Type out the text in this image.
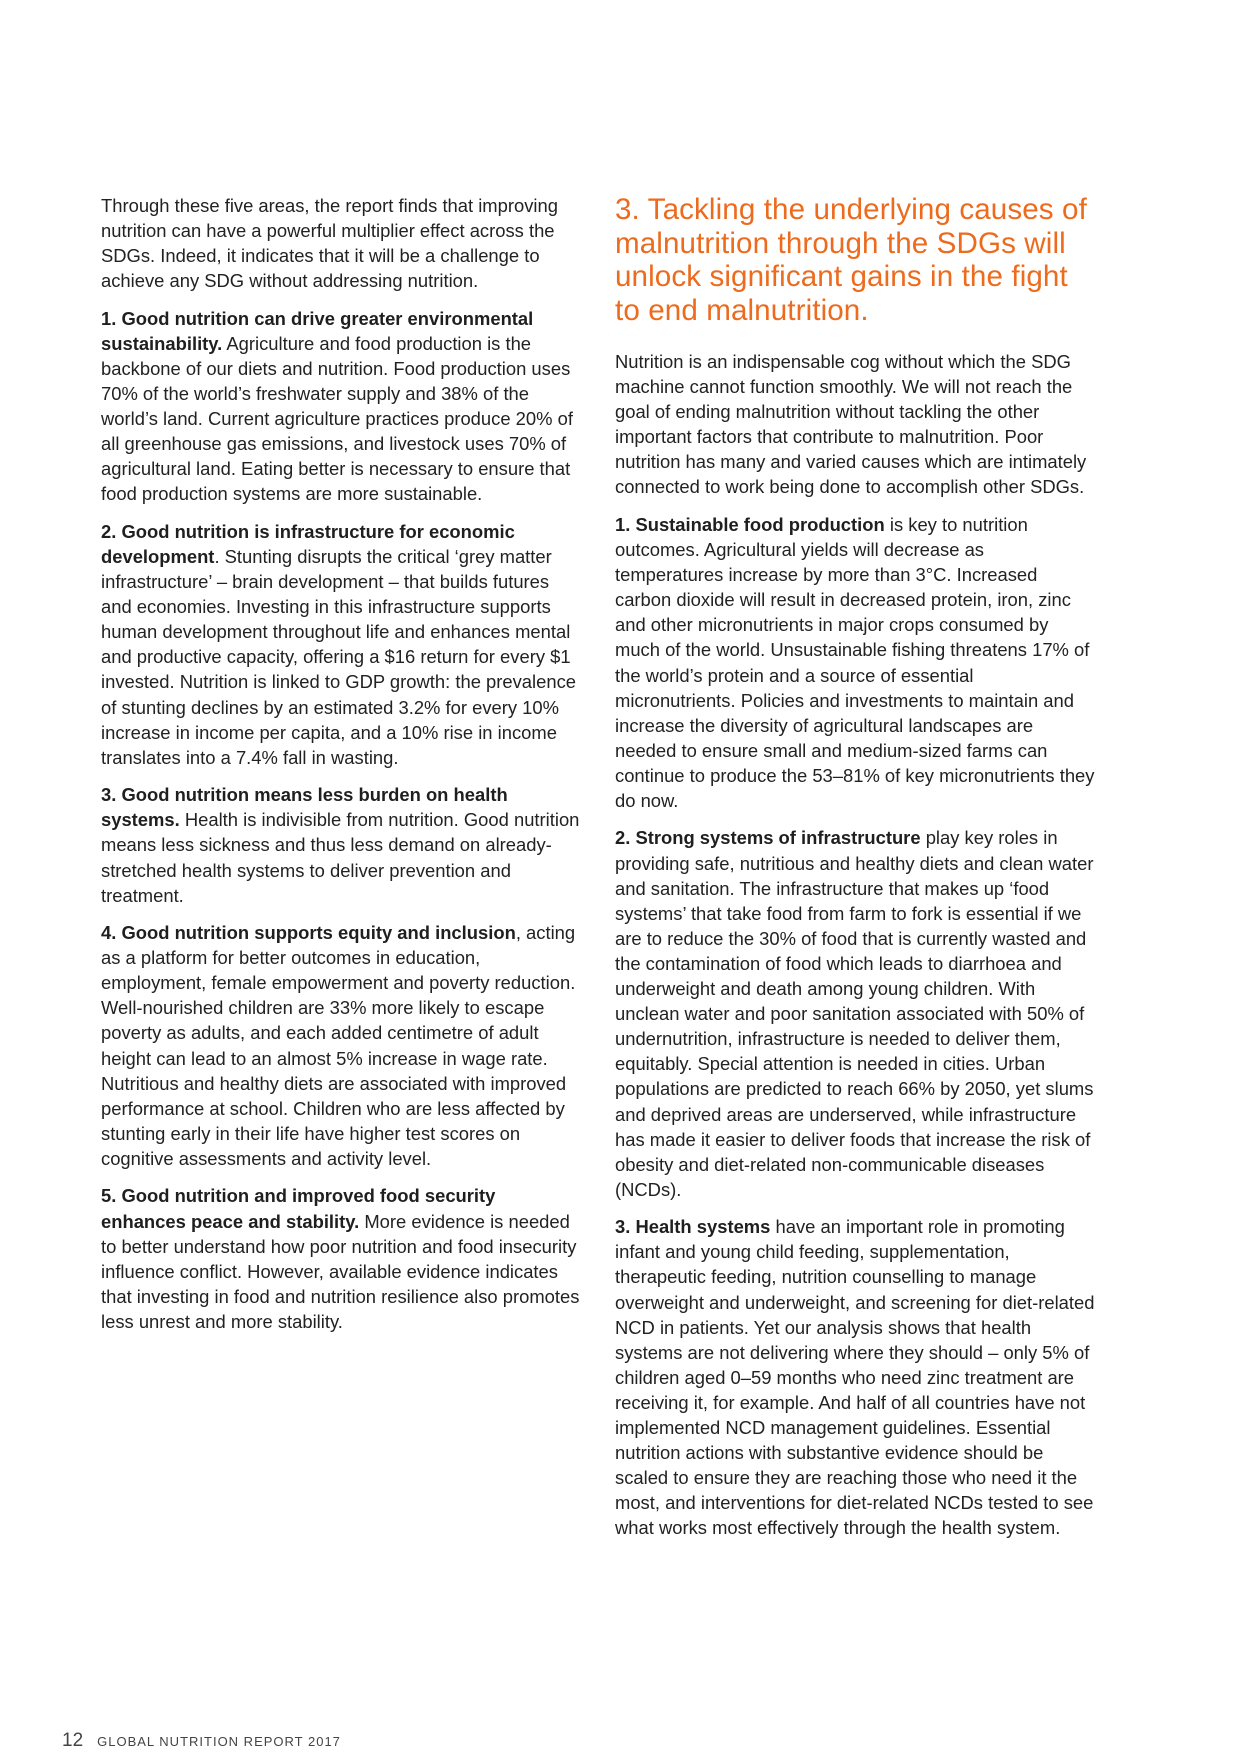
Through these five areas, the report finds that improving nutrition can have a powerful multiplier effect across the SDGs. Indeed, it indicates that it will be a challenge to achieve any SDG without addressing nutrition.

1. Good nutrition can drive greater environmental sustainability. Agriculture and food production is the backbone of our diets and nutrition. Food production uses 70% of the world’s freshwater supply and 38% of the world’s land. Current agriculture practices produce 20% of all greenhouse gas emissions, and livestock uses 70% of agricultural land. Eating better is necessary to ensure that food production systems are more sustainable.

2. Good nutrition is infrastructure for economic development. Stunting disrupts the critical ‘grey matter infrastructure’ – brain development – that builds futures and economies. Investing in this infrastructure supports human development throughout life and enhances mental and productive capacity, offering a $16 return for every $1 invested. Nutrition is linked to GDP growth: the prevalence of stunting declines by an estimated 3.2% for every 10% increase in income per capita, and a 10% rise in income translates into a 7.4% fall in wasting.

3. Good nutrition means less burden on health systems. Health is indivisible from nutrition. Good nutrition means less sickness and thus less demand on already-stretched health systems to deliver prevention and treatment.

4. Good nutrition supports equity and inclusion, acting as a platform for better outcomes in education, employment, female empowerment and poverty reduction. Well-nourished children are 33% more likely to escape poverty as adults, and each added centimetre of adult height can lead to an almost 5% increase in wage rate. Nutritious and healthy diets are associated with improved performance at school. Children who are less affected by stunting early in their life have higher test scores on cognitive assessments and activity level.

5. Good nutrition and improved food security enhances peace and stability. More evidence is needed to better understand how poor nutrition and food insecurity influence conflict. However, available evidence indicates that investing in food and nutrition resilience also promotes less unrest and more stability.

3. Tackling the underlying causes of malnutrition through the SDGs will unlock significant gains in the fight to end malnutrition.

Nutrition is an indispensable cog without which the SDG machine cannot function smoothly. We will not reach the goal of ending malnutrition without tackling the other important factors that contribute to malnutrition. Poor nutrition has many and varied causes which are intimately connected to work being done to accomplish other SDGs.

1. Sustainable food production is key to nutrition outcomes. Agricultural yields will decrease as temperatures increase by more than 3°C. Increased carbon dioxide will result in decreased protein, iron, zinc and other micronutrients in major crops consumed by much of the world. Unsustainable fishing threatens 17% of the world’s protein and a source of essential micronutrients. Policies and investments to maintain and increase the diversity of agricultural landscapes are needed to ensure small and medium-sized farms can continue to produce the 53–81% of key micronutrients they do now.

2. Strong systems of infrastructure play key roles in providing safe, nutritious and healthy diets and clean water and sanitation. The infrastructure that makes up ‘food systems’ that take food from farm to fork is essential if we are to reduce the 30% of food that is currently wasted and the contamination of food which leads to diarrhoea and underweight and death among young children. With unclean water and poor sanitation associated with 50% of undernutrition, infrastructure is needed to deliver them, equitably. Special attention is needed in cities. Urban populations are predicted to reach 66% by 2050, yet slums and deprived areas are underserved, while infrastructure has made it easier to deliver foods that increase the risk of obesity and diet-related non-communicable diseases (NCDs).

3. Health systems have an important role in promoting infant and young child feeding, supplementation, therapeutic feeding, nutrition counselling to manage overweight and underweight, and screening for diet-related NCD in patients. Yet our analysis shows that health systems are not delivering where they should – only 5% of children aged 0–59 months who need zinc treatment are receiving it, for example. And half of all countries have not implemented NCD management guidelines. Essential nutrition actions with substantive evidence should be scaled to ensure they are reaching those who need it the most, and interventions for diet-related NCDs tested to see what works most effectively through the health system.

12 GLOBAL NUTRITION REPORT 2017
